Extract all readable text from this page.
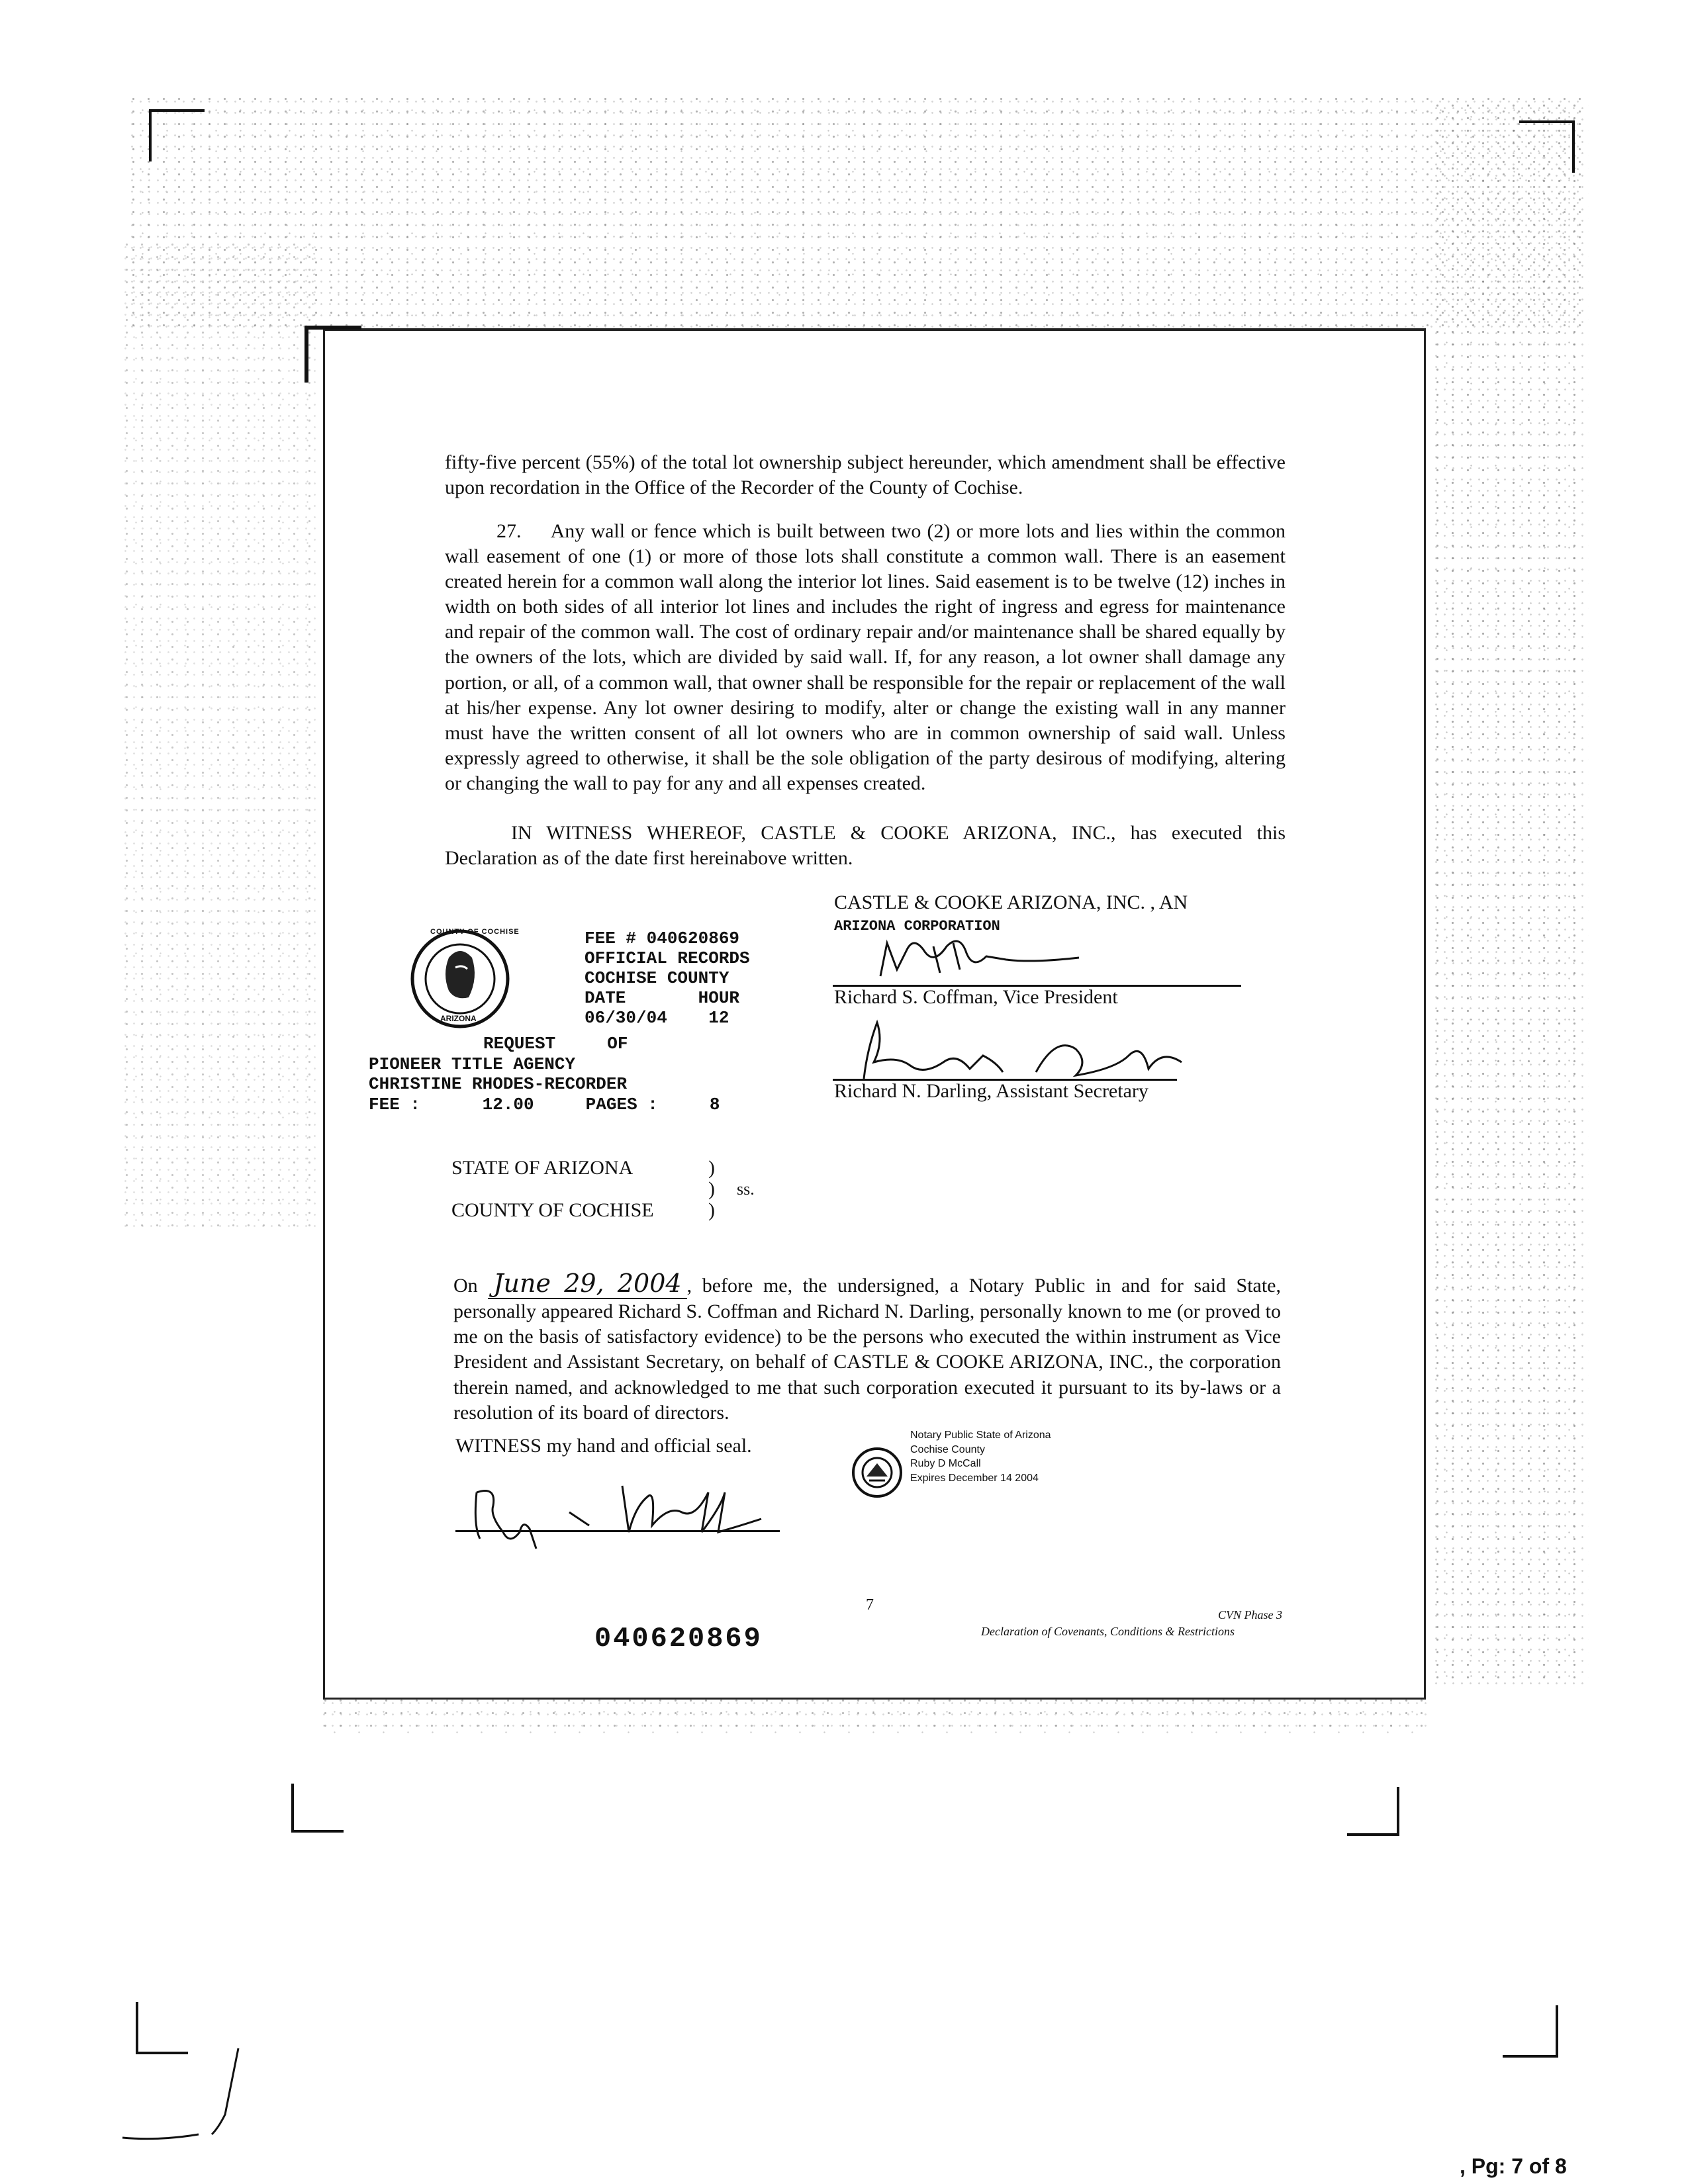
fifty-five percent (55%) of the total lot ownership subject hereunder, which amendment shall be effective upon recordation in the Office of the Recorder of the County of Cochise.
27. Any wall or fence which is built between two (2) or more lots and lies within the common wall easement of one (1) or more of those lots shall constitute a common wall. There is an easement created herein for a common wall along the interior lot lines. Said easement is to be twelve (12) inches in width on both sides of all interior lot lines and includes the right of ingress and egress for maintenance and repair of the common wall. The cost of ordinary repair and/or maintenance shall be shared equally by the owners of the lots, which are divided by said wall. If, for any reason, a lot owner shall damage any portion, or all, of a common wall, that owner shall be responsible for the repair or replacement of the wall at his/her expense. Any lot owner desiring to modify, alter or change the existing wall in any manner must have the written consent of all lot owners who are in common ownership of said wall. Unless expressly agreed to otherwise, it shall be the sole obligation of the party desirous of modifying, altering or changing the wall to pay for any and all expenses created.
IN WITNESS WHEREOF, CASTLE & COOKE ARIZONA, INC., has executed this Declaration as of the date first hereinabove written.
CASTLE & COOKE ARIZONA, INC. , AN
ARIZONA CORPORATION
Richard S. Coffman, Vice President
Richard N. Darling, Assistant Secretary
COUNTY OF COCHISE
ARIZONA
FEE # 040620869
OFFICIAL RECORDS
COCHISE COUNTY
DATE       HOUR
06/30/04    12
REQUEST     OF
PIONEER TITLE AGENCY
CHRISTINE RHODES-RECORDER
FEE :      12.00     PAGES :     8
STATE OF ARIZONA	)
) ss.
COUNTY OF COCHISE	)
On June 29, 2004 , before me, the undersigned, a Notary Public in and for said State, personally appeared Richard S. Coffman and Richard N. Darling, personally known to me (or proved to me on the basis of satisfactory evidence) to be the persons who executed the within instrument as Vice President and Assistant Secretary, on behalf of CASTLE & COOKE ARIZONA, INC., the corporation therein named, and acknowledged to me that such corporation executed it pursuant to its by-laws or a resolution of its board of directors.
WITNESS my hand and official seal.	Notary Public State of Arizona
Cochise County
Ruby D McCall
Expires December 14 2004
7
040620869
CVN Phase 3
Declaration of Covenants, Conditions & Restrictions
, Pg: 7 of 8
